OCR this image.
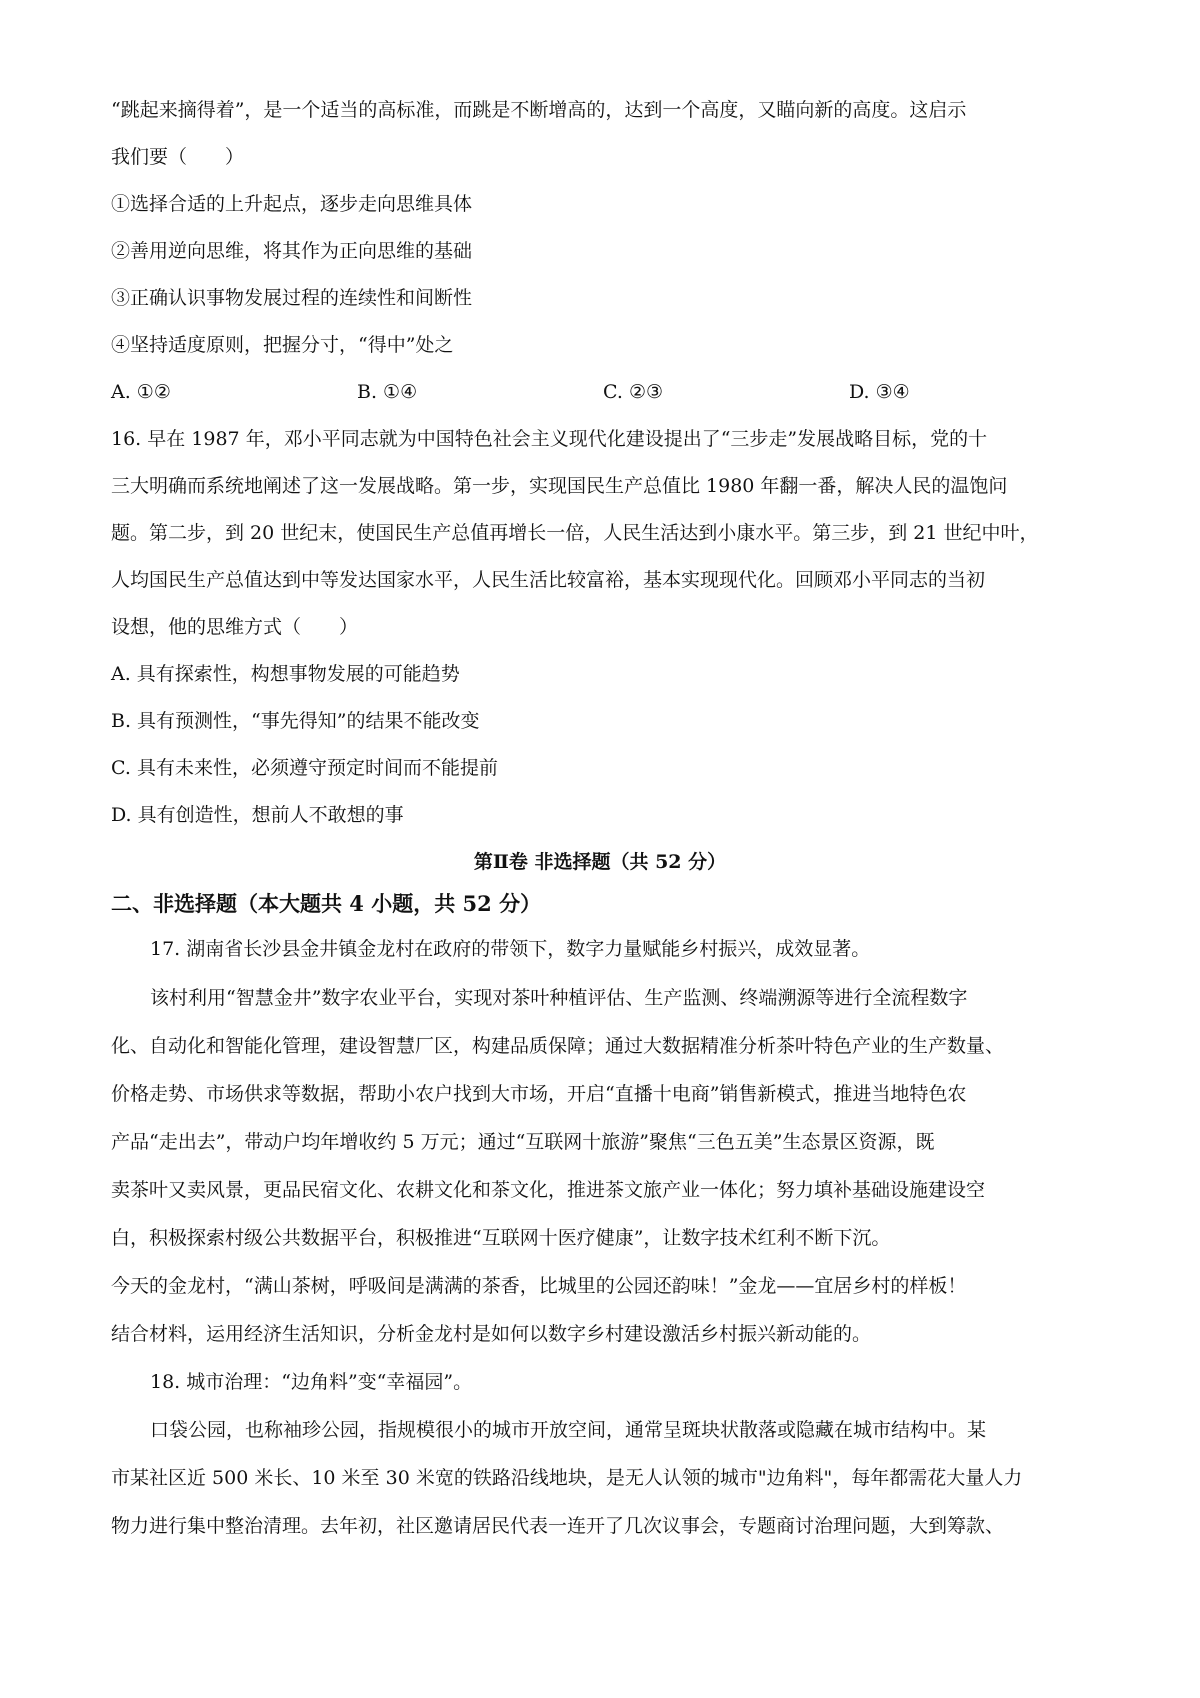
“跳起来摘得着”，是一个适当的高标准，而跳是不断增高的，达到一个高度，又瞄向新的高度。这启示
我们要（　　）
①选择合适的上升起点，逐步走向思维具体
②善用逆向思维，将其作为正向思维的基础
③正确认识事物发展过程的连续性和间断性
④坚持适度原则，把握分寸，“得中”处之
A. ①②	B. ①④	C. ②③	D. ③④
16. 早在 1987 年，邓小平同志就为中国特色社会主义现代化建设提出了“三步走”发展战略目标，党的十
三大明确而系统地阐述了这一发展战略。第一步，实现国民生产总值比 1980 年翻一番，解决人民的温饱问
题。第二步，到 20 世纪末，使国民生产总值再增长一倍，人民生活达到小康水平。第三步，到 21 世纪中叶，
人均国民生产总值达到中等发达国家水平，人民生活比较富裕，基本实现现代化。回顾邓小平同志的当初
设想，他的思维方式（　　）
A. 具有探索性，构想事物发展的可能趋势
B. 具有预测性，“事先得知”的结果不能改变
C. 具有未来性，必须遵守预定时间而不能提前
D. 具有创造性，想前人不敢想的事
第Ⅱ卷 非选择题（共 52 分）
二、非选择题（本大题共 4 小题，共 52 分）
17. 湖南省长沙县金井镇金龙村在政府的带领下，数字力量赋能乡村振兴，成效显著。
该村利用“智慧金井”数字农业平台，实现对茶叶种植评估、生产监测、终端溯源等进行全流程数字
化、自动化和智能化管理，建设智慧厂区，构建品质保障；通过大数据精准分析茶叶特色产业的生产数量、
价格走势、市场供求等数据，帮助小农户找到大市场，开启“直播十电商”销售新模式，推进当地特色农
产品“走出去”，带动户均年增收约 5 万元；通过“互联网十旅游”聚焦“三色五美”生态景区资源，既
卖茶叶又卖风景，更品民宿文化、农耕文化和茶文化，推进茶文旅产业一体化；努力填补基础设施建设空
白，积极探索村级公共数据平台，积极推进“互联网十医疗健康”，让数字技术红利不断下沉。
今天的金龙村，“满山茶树，呼吸间是满满的茶香，比城里的公园还韵味！”金龙——宜居乡村的样板！
结合材料，运用经济生活知识，分析金龙村是如何以数字乡村建设激活乡村振兴新动能的。
18. 城市治理：“边角料”变“幸福园”。
口袋公园，也称袖珍公园，指规模很小的城市开放空间，通常呈斑块状散落或隐藏在城市结构中。某
市某社区近 500 米长、10 米至 30 米宽的铁路沿线地块，是无人认领的城市"边角料"，每年都需花大量人力
物力进行集中整治清理。去年初，社区邀请居民代表一连开了几次议事会，专题商讨治理问题，大到筹款、
